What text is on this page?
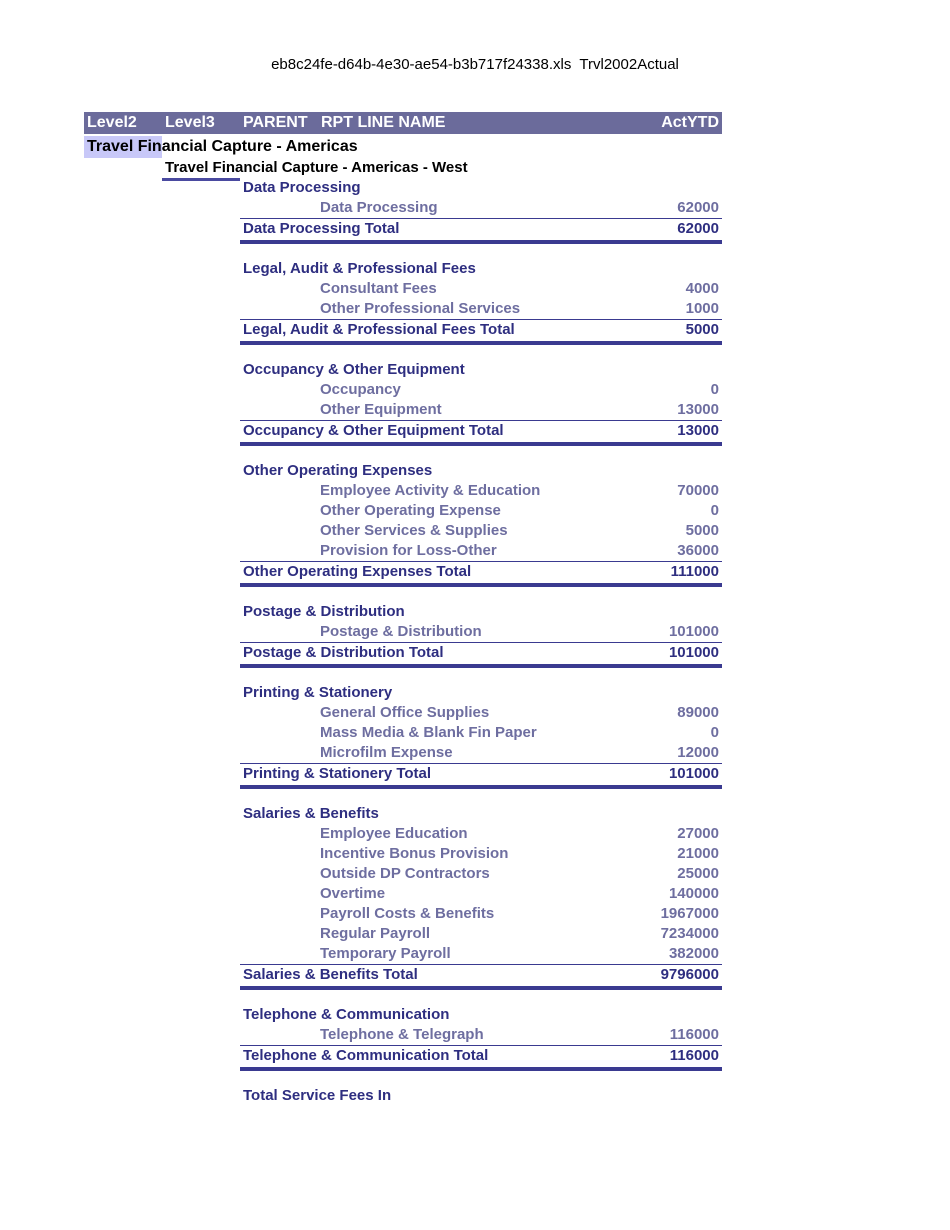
eb8c24fe-d64b-4e30-ae54-b3b717f24338.xls  Trvl2002Actual
Level2 Level3 PARENT RPT LINE NAME	ActYTD
Travel Financial Capture - Americas
Travel Financial Capture - Americas - West
Data Processing
Data Processing	62000
Data Processing Total	62000
Legal, Audit & Professional Fees
Consultant Fees	4000
Other Professional Services	1000
Legal, Audit & Professional Fees Total	5000
Occupancy & Other Equipment
Occupancy	0
Other Equipment	13000
Occupancy & Other Equipment Total	13000
Other Operating Expenses
Employee Activity & Education	70000
Other Operating Expense	0
Other Services & Supplies	5000
Provision for Loss-Other	36000
Other Operating Expenses Total	111000
Postage & Distribution
Postage & Distribution	101000
Postage & Distribution Total	101000
Printing & Stationery
General Office Supplies	89000
Mass Media & Blank Fin Paper	0
Microfilm Expense	12000
Printing & Stationery Total	101000
Salaries & Benefits
Employee Education	27000
Incentive Bonus Provision	21000
Outside DP Contractors	25000
Overtime	140000
Payroll Costs & Benefits	1967000
Regular Payroll	7234000
Temporary Payroll	382000
Salaries & Benefits Total	9796000
Telephone & Communication
Telephone & Telegraph	116000
Telephone & Communication Total	116000
Total Service Fees In
